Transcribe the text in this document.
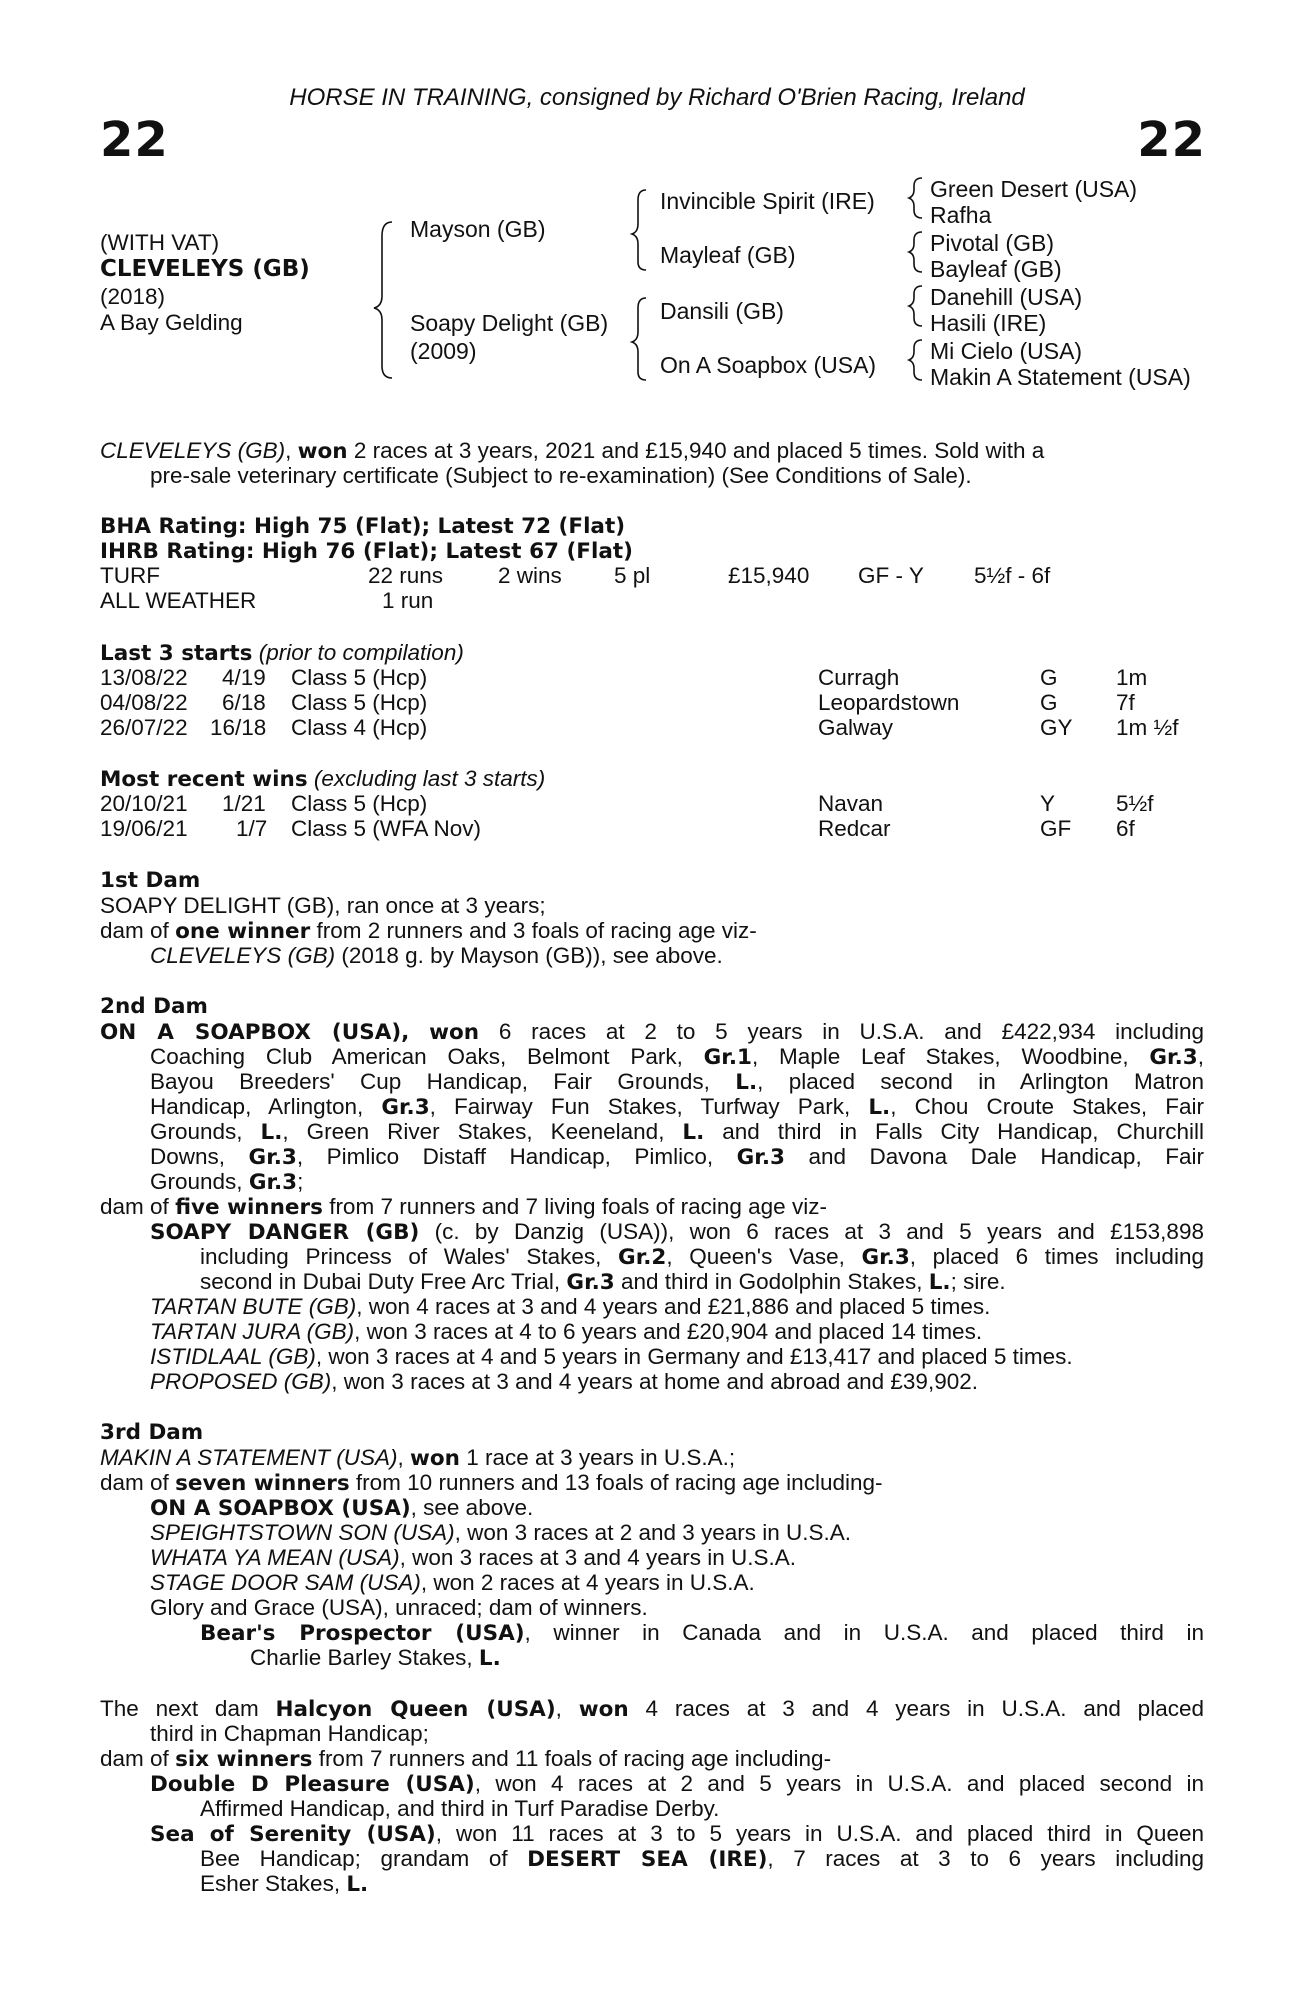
HORSE IN TRAINING, consigned by Richard O'Brien Racing, Ireland
22	22
(WITH VAT)
CLEVELEYS (GB)
(2018)
A Bay Gelding
Mayson (GB)
Soapy Delight (GB)
(2009)
Invincible Spirit (IRE)
Mayleaf (GB)
Dansili (GB)
On A Soapbox (USA)
Green Desert (USA)
Rafha
Pivotal (GB)
Bayleaf (GB)
Danehill (USA)
Hasili (IRE)
Mi Cielo (USA)
Makin A Statement (USA)
CLEVELEYS (GB), won 2 races at 3 years, 2021 and £15,940 and placed 5 times. Sold with a
pre-sale veterinary certificate (Subject to re-examination) (See Conditions of Sale).
BHA Rating: High 75 (Flat); Latest 72 (Flat)
IHRB Rating: High 76 (Flat); Latest 67 (Flat)
TURF	22 runs 2 wins 5 pl	£15,940 GF - Y 5½f - 6f
ALL WEATHER	1 run
Last 3 starts (prior to compilation)
13/08/22 4/19 Class 5 (Hcp)	Curragh	G	1m
04/08/22 6/18 Class 5 (Hcp)	Leopardstown	G	7f
26/07/22 16/18 Class 4 (Hcp)	Galway	GY 1m ½f
Most recent wins (excluding last 3 starts)
20/10/21 1/21 Class 5 (Hcp)	Navan	Y	5½f
19/06/21 1/7 Class 5 (WFA Nov)	Redcar	GF 6f
1st Dam
SOAPY DELIGHT (GB), ran once at 3 years;
dam of one winner from 2 runners and 3 foals of racing age viz-
CLEVELEYS (GB) (2018 g. by Mayson (GB)), see above.
2nd Dam
ON A SOAPBOX (USA), won 6 races at 2 to 5 years in U.S.A. and £422,934 including
Coaching Club American Oaks, Belmont Park, Gr.1, Maple Leaf Stakes, Woodbine, Gr.3,
Bayou Breeders' Cup Handicap, Fair Grounds, L., placed second in Arlington Matron
Handicap, Arlington, Gr.3, Fairway Fun Stakes, Turfway Park, L., Chou Croute Stakes, Fair
Grounds, L., Green River Stakes, Keeneland, L. and third in Falls City Handicap, Churchill
Downs, Gr.3, Pimlico Distaff Handicap, Pimlico, Gr.3 and Davona Dale Handicap, Fair
Grounds, Gr.3;
dam of five winners from 7 runners and 7 living foals of racing age viz-
SOAPY DANGER (GB) (c. by Danzig (USA)), won 6 races at 3 and 5 years and £153,898
including Princess of Wales' Stakes, Gr.2, Queen's Vase, Gr.3, placed 6 times including
second in Dubai Duty Free Arc Trial, Gr.3 and third in Godolphin Stakes, L.; sire.
TARTAN BUTE (GB), won 4 races at 3 and 4 years and £21,886 and placed 5 times.
TARTAN JURA (GB), won 3 races at 4 to 6 years and £20,904 and placed 14 times.
ISTIDLAAL (GB), won 3 races at 4 and 5 years in Germany and £13,417 and placed 5 times.
PROPOSED (GB), won 3 races at 3 and 4 years at home and abroad and £39,902.
3rd Dam
MAKIN A STATEMENT (USA), won 1 race at 3 years in U.S.A.;
dam of seven winners from 10 runners and 13 foals of racing age including-
ON A SOAPBOX (USA), see above.
SPEIGHTSTOWN SON (USA), won 3 races at 2 and 3 years in U.S.A.
WHATA YA MEAN (USA), won 3 races at 3 and 4 years in U.S.A.
STAGE DOOR SAM (USA), won 2 races at 4 years in U.S.A.
Glory and Grace (USA), unraced; dam of winners.
Bear's Prospector (USA), winner in Canada and in U.S.A. and placed third in
Charlie Barley Stakes, L.
The next dam Halcyon Queen (USA), won 4 races at 3 and 4 years in U.S.A. and placed
third in Chapman Handicap;
dam of six winners from 7 runners and 11 foals of racing age including-
Double D Pleasure (USA), won 4 races at 2 and 5 years in U.S.A. and placed second in
Affirmed Handicap, and third in Turf Paradise Derby.
Sea of Serenity (USA), won 11 races at 3 to 5 years in U.S.A. and placed third in Queen
Bee Handicap; grandam of DESERT SEA (IRE), 7 races at 3 to 6 years including
Esher Stakes, L.
